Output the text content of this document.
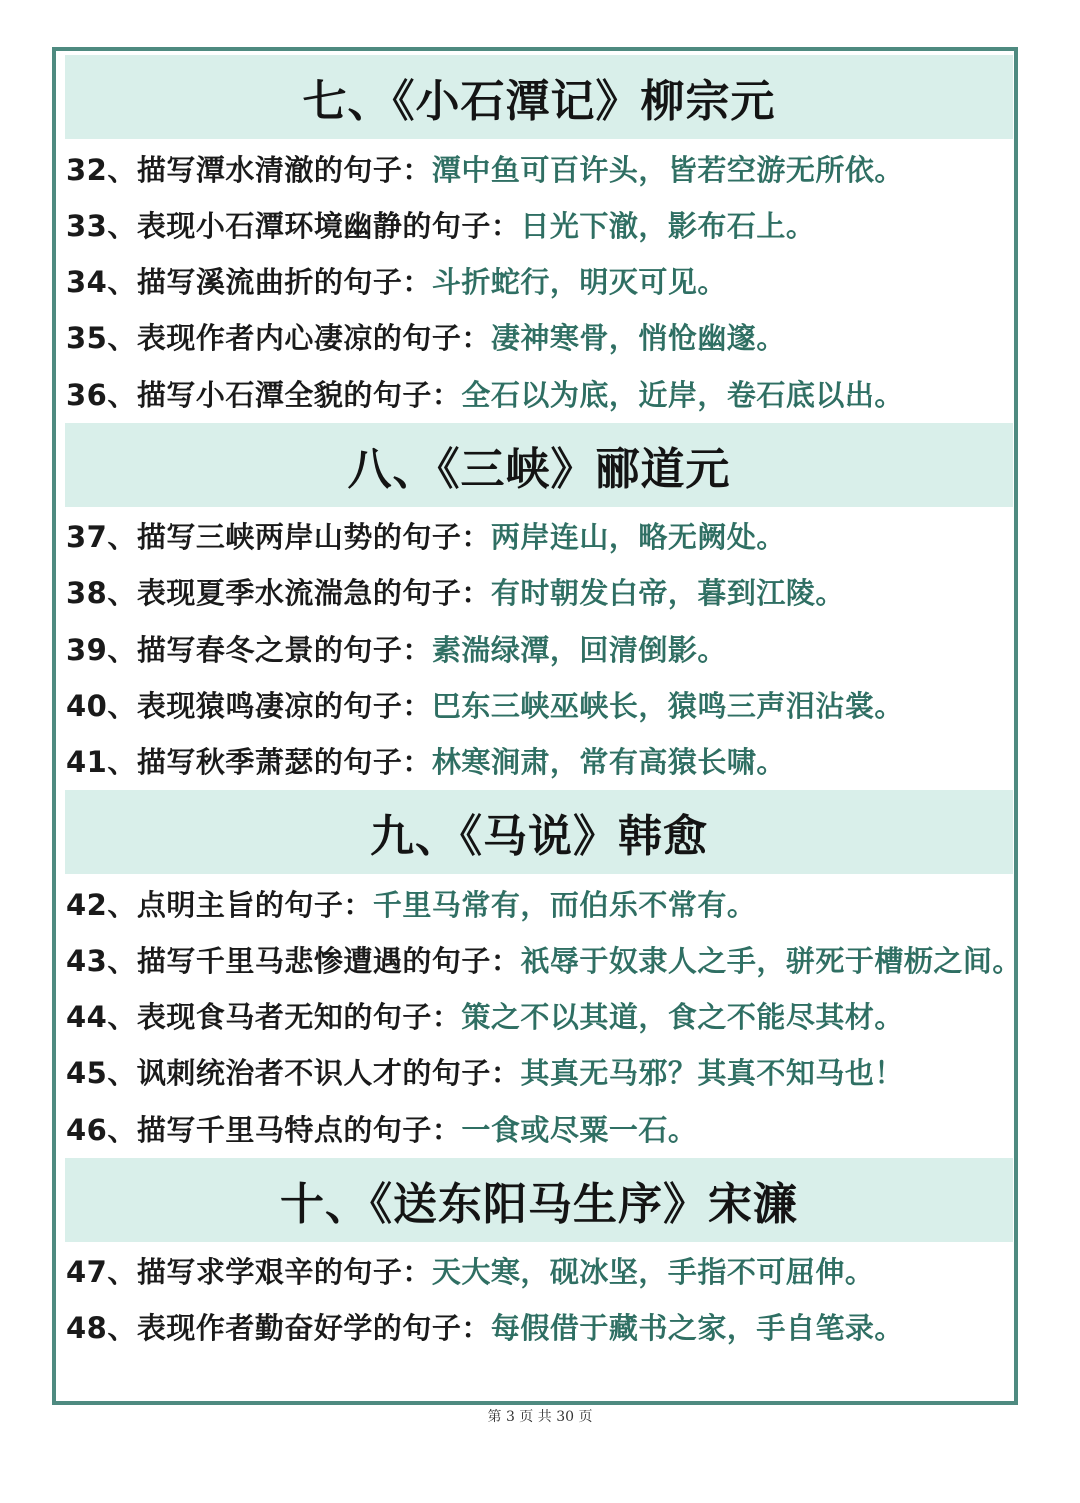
七、《小石潭记》柳宗元
32、描写潭水清澈的句子：潭中鱼可百许头，皆若空游无所依。
33、表现小石潭环境幽静的句子：日光下澈，影布石上。
34、描写溪流曲折的句子：斗折蛇行，明灭可见。
35、表现作者内心凄凉的句子：凄神寒骨，悄怆幽邃。
36、描写小石潭全貌的句子：全石以为底，近岸，卷石底以出。
八、《三峡》郦道元
37、描写三峡两岸山势的句子：两岸连山，略无阙处。
38、表现夏季水流湍急的句子：有时朝发白帝，暮到江陵。
39、描写春冬之景的句子：素湍绿潭，回清倒影。
40、表现猿鸣凄凉的句子：巴东三峡巫峡长，猿鸣三声泪沾裳。
41、描写秋季萧瑟的句子：林寒涧肃，常有高猿长啸。
九、《马说》韩愈
42、点明主旨的句子：千里马常有，而伯乐不常有。
43、描写千里马悲惨遭遇的句子：祇辱于奴隶人之手，骈死于槽枥之间。
44、表现食马者无知的句子：策之不以其道，食之不能尽其材。
45、讽刺统治者不识人才的句子：其真无马邪？其真不知马也！
46、描写千里马特点的句子：一食或尽粟一石。
十、《送东阳马生序》宋濂
47、描写求学艰辛的句子：天大寒，砚冰坚，手指不可屈伸。
48、表现作者勤奋好学的句子：每假借于藏书之家，手自笔录。
第 3 页 共 30 页
